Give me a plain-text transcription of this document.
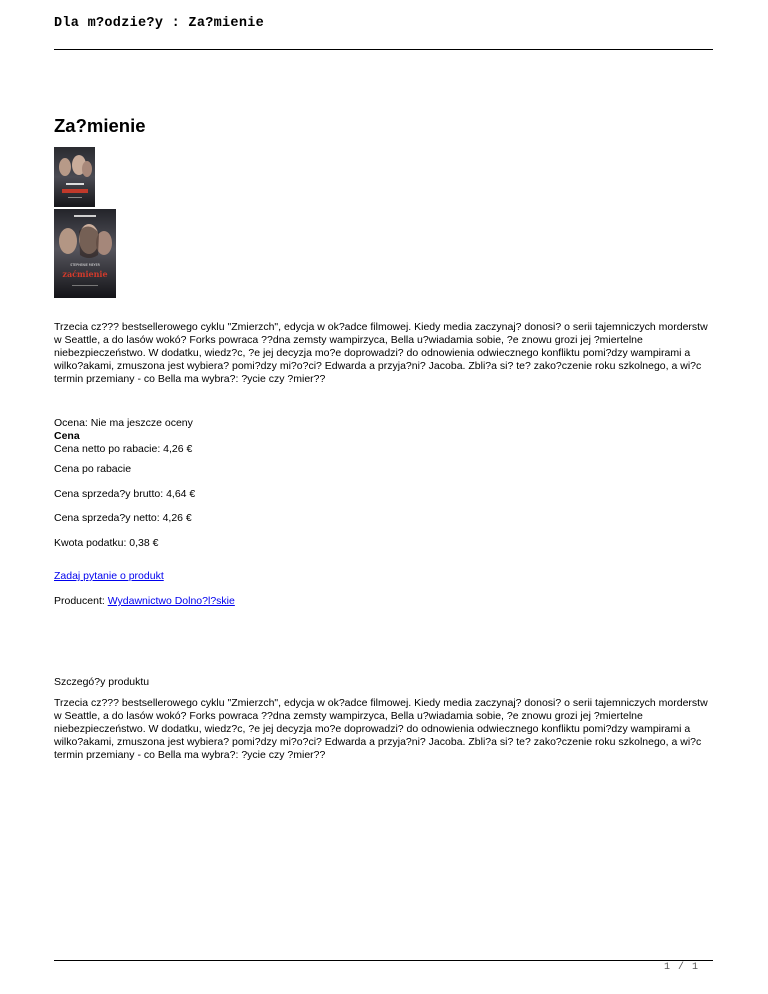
Dla m?odzie?y : Za?mienie
Za?mienie
STEPHENIE MEYER
zaćmienie

Trzecia cz??? bestsellerowego cyklu "Zmierzch", edycja w ok?adce filmowej. Kiedy media zaczynaj? donosi? o serii tajemniczych morderstw w Seattle, a do lasów wokó? Forks powraca ??dna zemsty wampirzyca, Bella u?wiadamia sobie, ?e znowu grozi jej ?miertelne niebezpieczeństwo. W dodatku, wiedz?c, ?e jej decyzja mo?e doprowadzi? do odnowienia odwiecznego konfliktu pomi?dzy wampirami a wilko?akami, zmuszona jest wybiera? pomi?dzy mi?o?ci? Edwarda a przyja?ni? Jacoba. Zbli?a si? te? zako?czenie roku szkolnego, a wi?c termin przemiany - co Bella ma wybra?: ?ycie czy ?mier??

Ocena: Nie ma jeszcze oceny
Cena
Cena netto po rabacie: 4,26 €
Cena po rabacie
Cena sprzeda?y brutto: 4,64 €
Cena sprzeda?y netto: 4,26 €
Kwota podatku: 0,38 €
Zadaj pytanie o produkt
Producent: Wydawnictwo Dolno?l?skie
Szczegó?y produktu

Trzecia cz??? bestsellerowego cyklu "Zmierzch", edycja w ok?adce filmowej. Kiedy media zaczynaj? donosi? o serii tajemniczych morderstw w Seattle, a do lasów wokó? Forks powraca ??dna zemsty wampirzyca, Bella u?wiadamia sobie, ?e znowu grozi jej ?miertelne niebezpieczeństwo. W dodatku, wiedz?c, ?e jej decyzja mo?e doprowadzi? do odnowienia odwiecznego konfliktu pomi?dzy wampirami a wilko?akami, zmuszona jest wybiera? pomi?dzy mi?o?ci? Edwarda a przyja?ni? Jacoba. Zbli?a si? te? zako?czenie roku szkolnego, a wi?c termin przemiany - co Bella ma wybra?: ?ycie czy ?mier??

1 / 1
